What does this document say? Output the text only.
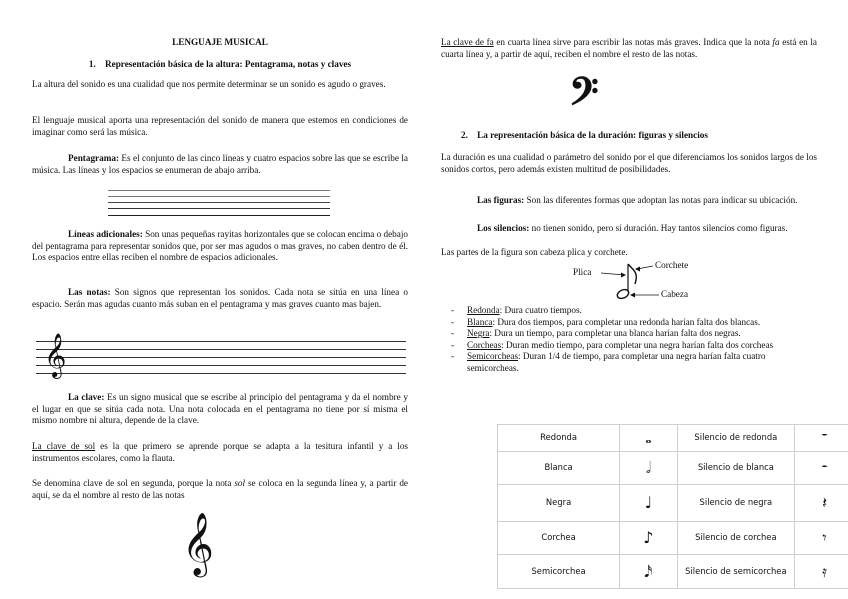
LENGUAJE MUSICAL

1.    Representación básica de la altura: Pentagrama, notas y claves

La altura del sonido es una cualidad que nos permite determinar se un sonido es agudo o graves.

El lenguaje musical aporta una representación del sonido de manera que estemos en condiciones de imaginar como será las música.

Pentagrama: Es el conjunto de las cinco líneas y cuatro espacios sobre las que se escribe la música. Las líneas y los espacios se enumeran de abajo arriba.

Líneas adicionales: Son unas pequeñas rayitas horizontales que se colocan encima o debajo del pentagrama para representar sonidos que, por ser mas agudos o mas graves, no caben dentro de él. Los espacios entre ellas reciben el nombre de espacios adicionales.

Las notas: Son signos que representan los sonidos. Cada nota se sitúa en una línea o espacio. Serán mas agudas cuanto más suban en el pentagrama y mas graves cuanto mas bajen.

𝄞

La clave: Es un signo musical que se escribe al principio del pentagrama y da el nombre y el lugar en que se sitúa cada nota. Una nota colocada en el pentagrama no tiene por sí misma el mismo nombre ni altura, depende de la clave.

La clave de sol es la que primero se aprende porque se adapta a la tesitura infantil y a los instrumentos escolares, como la flauta.

Se denomina clave de sol en segunda, porque la nota sol se coloca en la segunda línea y, a partir de aquí, se da el nombre al resto de las notas

𝄞

La clave de fa en cuarta línea sirve para escribir las notas más graves. Indica que la nota fa está en la cuarta línea y, a partir de aquí, reciben el nombre el resto de las notas.

𝄢

2.    La representación básica de la duración: figuras y silencios

La duración es una cualidad o parámetro del sonido por el que diferenciamos los sonidos largos de los sonidos cortos, pero además existen multitud de posibilidades.

Las figuras: Son las diferentes formas que adoptan las notas para indicar su ubicación.

Los silencios: no tienen sonido, pero sí duración. Hay tantos silencios como figuras.

Las partes de la figura son cabeza plica y corchete.

Plica
Corchete
Cabeza
- Redonda: Dura cuatro tiempos.
- Blanca: Dura dos tiempos, para completar una redonda harían falta dos blancas.
- Negra: Dura un tiempo, para completar una blanca harían falta dos negras.
- Corcheas: Duran medio tiempo, para completar una negra harían falta dos corcheas
- Semicorcheas: Duran 1/4 de tiempo, para completar una negra harían falta cuatro semicorcheas.
Redonda	𝅝	Silencio de redonda	𝄻
Blanca	𝅗𝅥	Silencio de blanca	𝄼
Negra	♩	Silencio de negra	𝄽
Corchea	♪	Silencio de corchea	𝄾
Semicorchea	𝅘𝅥𝅯	Silencio de semicorchea	𝄿
